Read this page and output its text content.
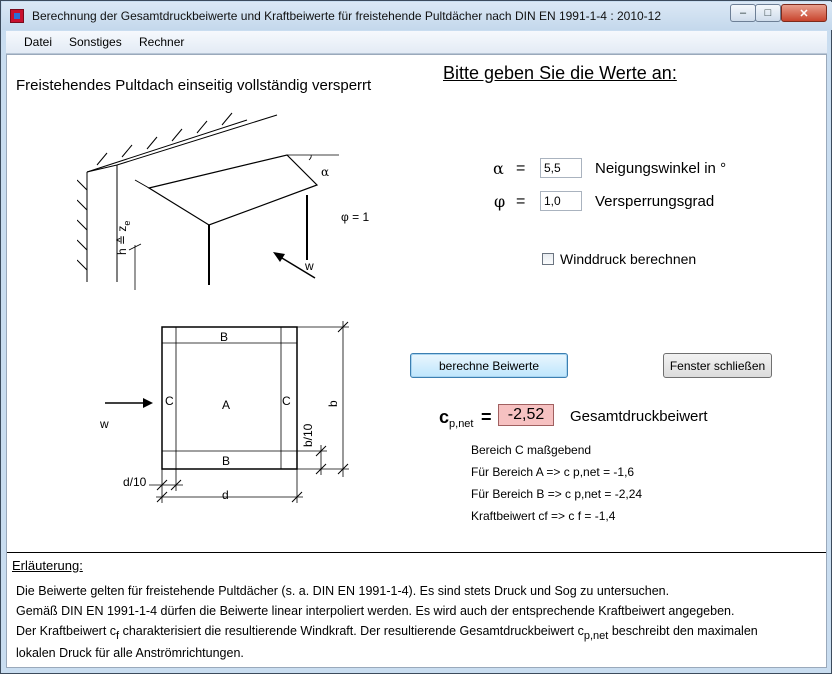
Berechnung der Gesamtdruckbeiwerte und Kraftbeiwerte für freistehende Pultdächer nach DIN EN 1991-1-4 : 2010-12	–	□	✕
Datei Sonstiges Rechner
Freistehendes Pultdach einseitig vollständig versperrt
α
φ = 1
h ≙ $z_e$
w
B
B
C	C
A
w
b
b/10
d
d/10
Bitte geben Sie die Werte an:
α =	5,5	Neigungswinkel in °
φ =	1,0	Versperrungsgrad
Winddruck berechnen
berechne Beiwerte	Fenster schließen
$c_{p,net}$ =	-2,52	Gesamtdruckbeiwert
Bereich C maßgebend
Für Bereich A => c p,net = -1,6
Für Bereich B => c p,net = -2,24
Kraftbeiwert cf => c f = -1,4
Erläuterung:
Die Beiwerte gelten für freistehende Pultdächer (s. a. DIN EN 1991-1-4). Es sind stets Druck und Sog zu untersuchen.
Gemäß DIN EN 1991-1-4 dürfen die Beiwerte linear interpoliert werden. Es wird auch der entsprechende Kraftbeiwert angegeben.
Der Kraftbeiwert cf charakterisiert die resultierende Windkraft. Der resultierende Gesamtdruckbeiwert cp,net beschreibt den maximalen
lokalen Druck für alle Anströmrichtungen.
